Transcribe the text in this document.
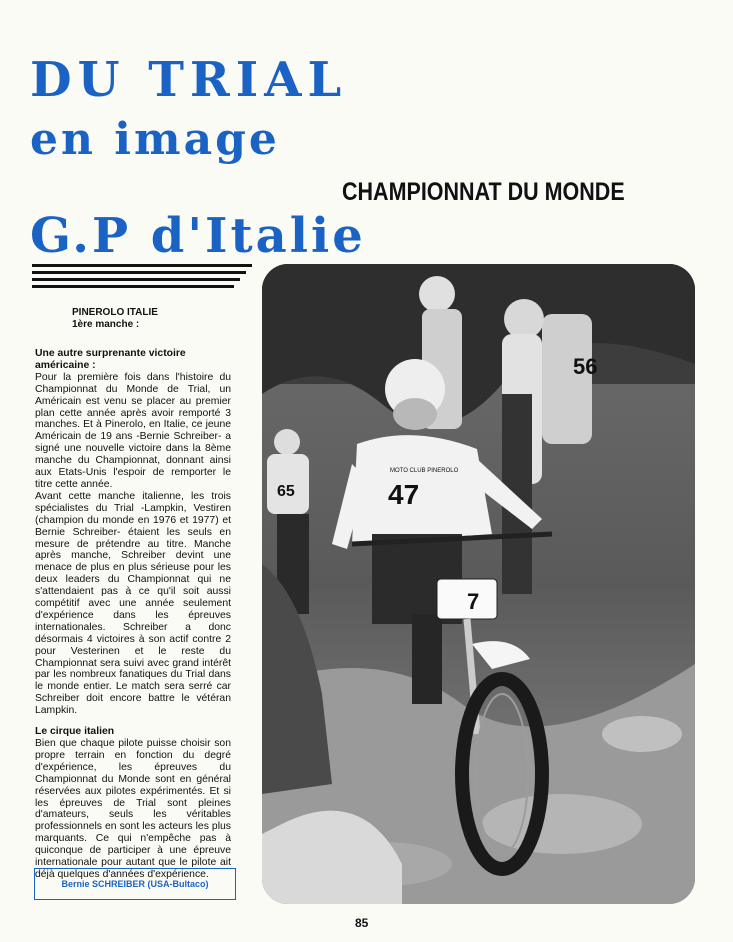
DU TRIAL
en image
CHAMPIONNAT DU MONDE
G.P d'Italie
PINEROLO ITALIE
1ère manche :
Une autre surprenante victoire américaine :

Pour la première fois dans l'histoire du Championnat du Monde de Trial, un Américain est venu se placer au premier plan cette année après avoir remporté 3 manches. Et à Pinerolo, en Italie, ce jeune Américain de 19 ans -Bernie Schreiber- a signé une nouvelle victoire dans la 8ème manche du Championnat, donnant ainsi aux Etats-Unis l'espoir de remporter le titre cette année.

Avant cette manche italienne, les trois spécialistes du Trial -Lampkin, Vestiren (champion du monde en 1976 et 1977) et Bernie Schreiber- étaient les seuls en mesure de prétendre au titre. Manche après manche, Schreiber devint une menace de plus en plus sérieuse pour les deux leaders du Championnat qui ne s'attendaient pas à ce qu'il soit aussi compétitif avec une année seulement d'expérience dans les épreuves internationales. Schreiber a donc désormais 4 victoires à son actif contre 2 pour Vesterinen et le reste du Championnat sera suivi avec grand intérêt par les nombreux fanatiques du Trial dans le monde entier. Le match sera serré car Schreiber doit encore battre le vétéran Lampkin.

Le cirque italien

Bien que chaque pilote puisse choisir son propre terrain en fonction du degré d'expérience, les épreuves du Championnat du Monde sont en général réservées aux pilotes expérimentés. Et si les épreuves de Trial sont pleines d'amateurs, seuls les véritables professionnels en sont les acteurs les plus marquants. Ce qui n'empêche pas à quiconque de participer à une épreuve internationale pour autant que le pilote ait déjà quelques d'années d'expérience.

Bernie SCHREIBER (USA-Bultaco)
47
MOTO CLUB PINEROLO
56
65
7
85
